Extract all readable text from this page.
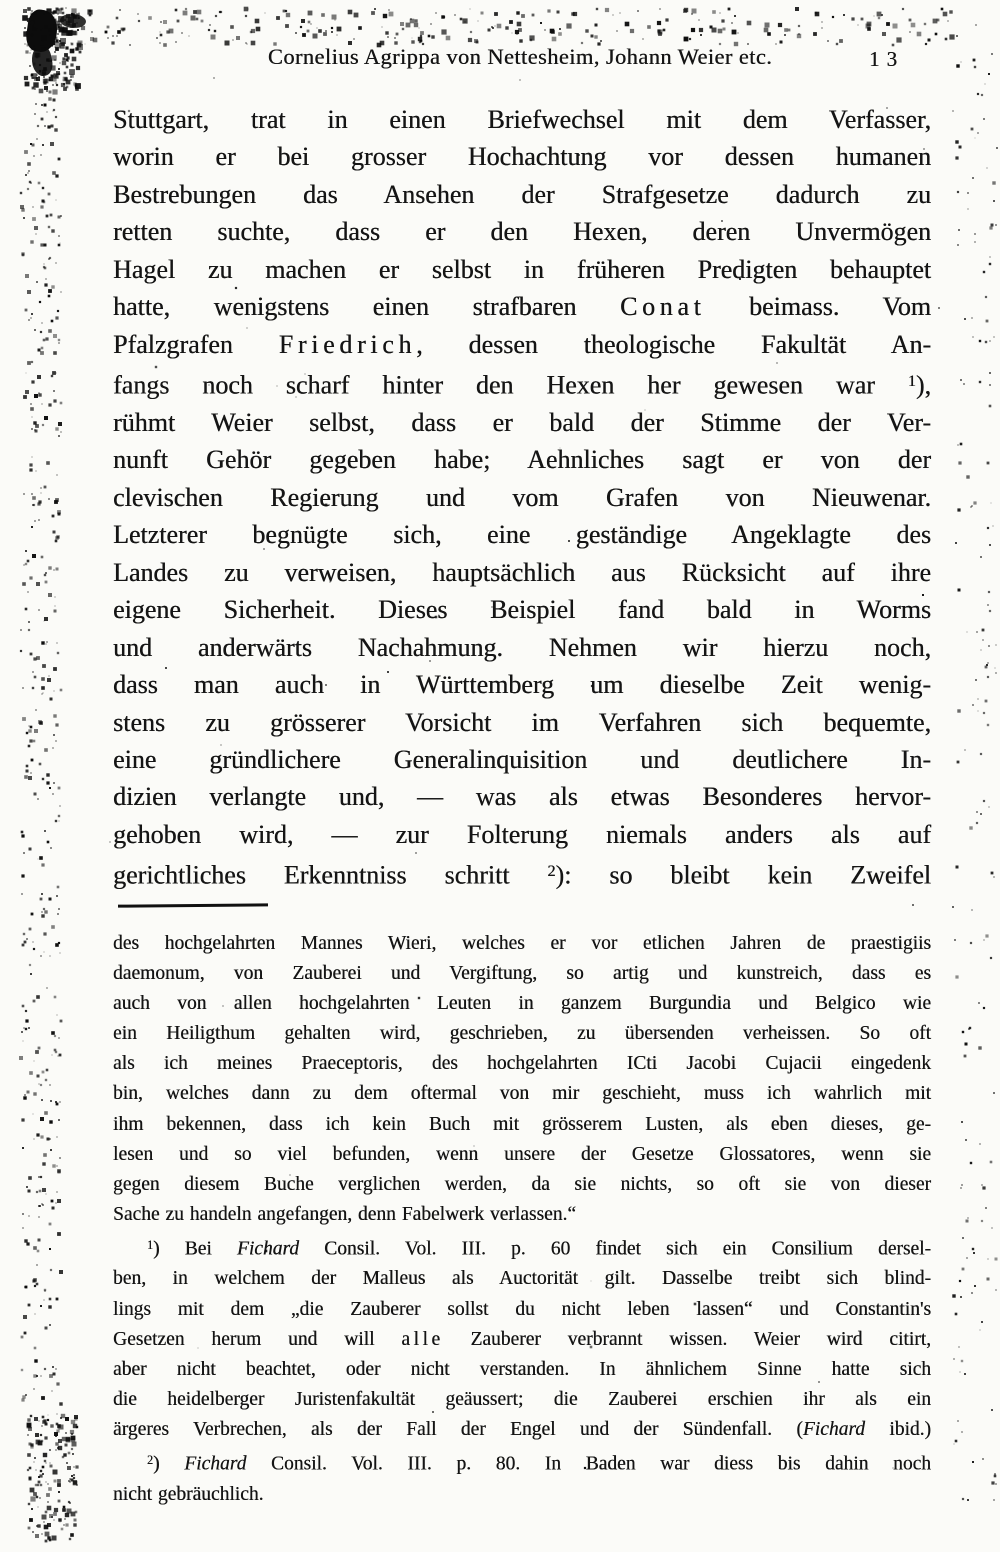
Cornelius Agrippa von Nettesheim, Johann Weier etc.	13
Stuttgart, trat in einen Briefwechsel mit dem Verfasser,
worin er bei grosser Hochachtung vor dessen humanen
Bestrebungen das Ansehen der Strafgesetze dadurch zu
retten suchte, dass er den Hexen, deren Unvermögen
Hagel zu machen er selbst in früheren Predigten behauptet
hatte, wenigstens einen strafbaren Conat beimass. Vom
Pfalzgrafen Friedrich, dessen theologische Fakultät An-
fangs noch scharf hinter den Hexen her gewesen war $^1$),
rühmt Weier selbst, dass er bald der Stimme der Ver-
nunft Gehör gegeben habe; Aehnliches sagt er von der
clevischen Regierung und vom Grafen von Nieuwenar.
Letzterer begnügte sich, eine geständige Angeklagte des
Landes zu verweisen, hauptsächlich aus Rücksicht auf ihre
eigene Sicherheit. Dieses Beispiel fand bald in Worms
und anderwärts Nachahmung. Nehmen wir hierzu noch,
dass man auch in Württemberg um dieselbe Zeit wenig-
stens zu grösserer Vorsicht im Verfahren sich bequemte,
eine gründlichere Generalinquisition und deutlichere In-
dizien verlangte und, — was als etwas Besonderes hervor-
gehoben wird, — zur Folterung niemals anders als auf
gerichtliches Erkenntniss schritt $^2$): so bleibt kein Zweifel
des hochgelahrten Mannes Wieri, welches er vor etlichen Jahren de praestigiis
daemonum, von Zauberei und Vergiftung, so artig und kunstreich, dass es
auch von allen hochgelahrten Leuten in ganzem Burgundia und Belgico wie
ein Heiligthum gehalten wird, geschrieben, zu übersenden verheissen. So oft
als ich meines Praeceptoris, des hochgelahrten ICti Jacobi Cujacii eingedenk
bin, welches dann zu dem oftermal von mir geschieht, muss ich wahrlich mit
ihm bekennen, dass ich kein Buch mit grösserem Lusten, als eben dieses, ge-
lesen und so viel befunden, wenn unsere der Gesetze Glossatores, wenn sie
gegen diesem Buche verglichen werden, da sie nichts, so oft sie von dieser
Sache zu handeln angefangen, denn Fabelwerk verlassen.“
$^1$) Bei Fichard Consil. Vol. III. p. 60 findet sich ein Consilium dersel-
ben, in welchem der Malleus als Auctorität gilt. Dasselbe treibt sich blind-
lings mit dem „die Zauberer sollst du nicht leben lassen“ und Constantin's
Gesetzen herum und will alle Zauberer verbrannt wissen. Weier wird citirt,
aber nicht beachtet, oder nicht verstanden. In ähnlichem Sinne hatte sich
die heidelberger Juristenfakultät geäussert; die Zauberei erschien ihr als ein
ärgeres Verbrechen, als der Fall der Engel und der Sündenfall. (Fichard ibid.)
$^2$) Fichard Consil. Vol. III. p. 80. In Baden war diess bis dahin noch
nicht gebräuchlich.
